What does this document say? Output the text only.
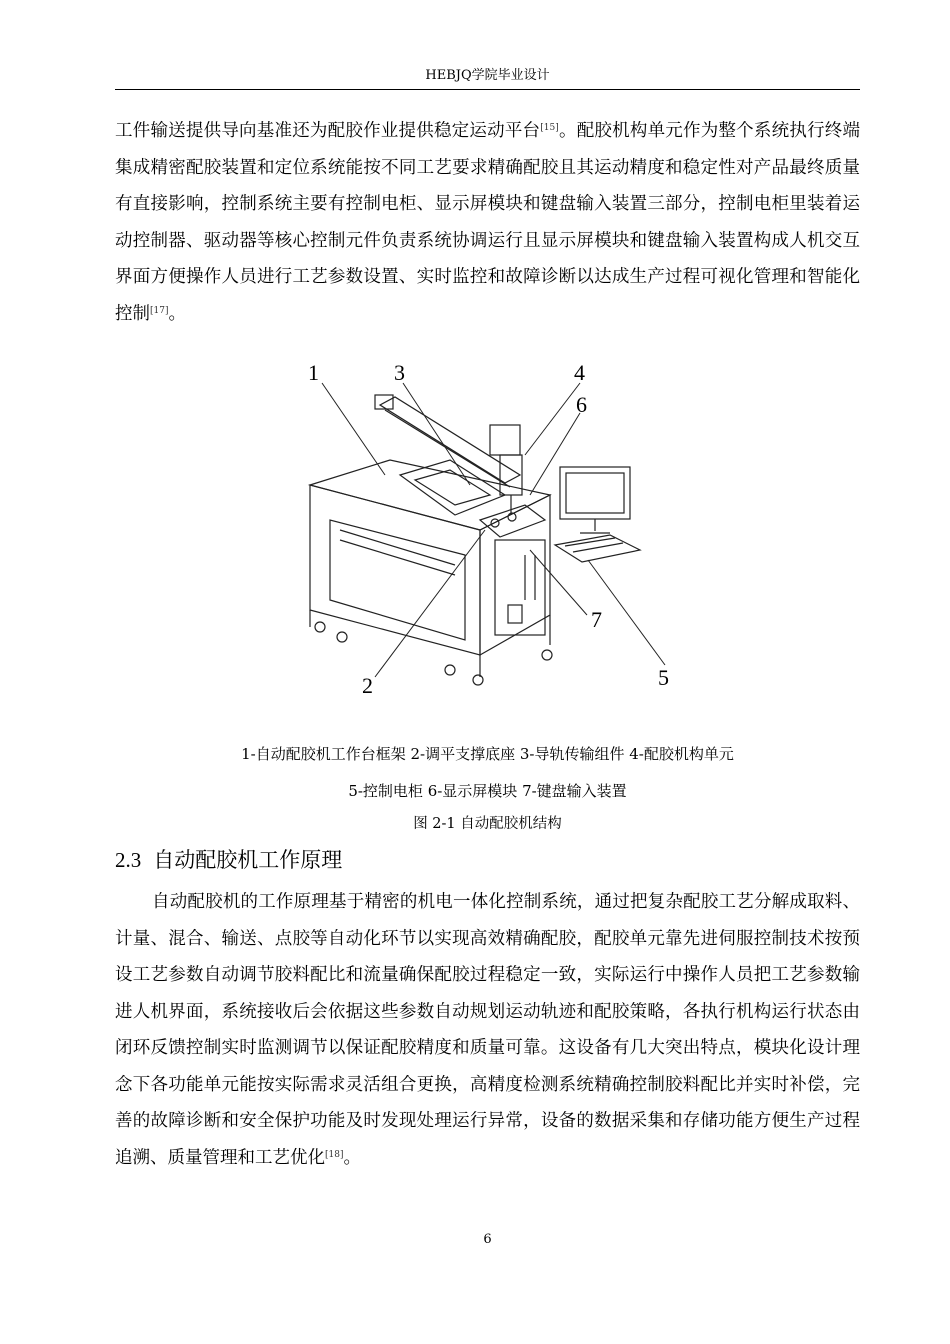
HEBJQ学院毕业设计

工件输送提供导向基准还为配胶作业提供稳定运动平台[15]。配胶机构单元作为整个系统执行终端集成精密配胶装置和定位系统能按不同工艺要求精确配胶且其运动精度和稳定性对产品最终质量有直接影响，控制系统主要有控制电柜、显示屏模块和键盘输入装置三部分，控制电柜里装着运动控制器、驱动器等核心控制元件负责系统协调运行且显示屏模块和键盘输入装置构成人机交互界面方便操作人员进行工艺参数设置、实时监控和故障诊断以达成生产过程可视化管理和智能化控制[17]。

1
2
3	4
5
6
7
1-自动配胶机工作台框架 2-调平支撑底座 3-导轨传输组件 4-配胶机构单元
5-控制电柜 6-显示屏模块 7-键盘输入装置
图 2-1 自动配胶机结构
2.3 自动配胶机工作原理

自动配胶机的工作原理基于精密的机电一体化控制系统，通过把复杂配胶工艺分解成取料、计量、混合、输送、点胶等自动化环节以实现高效精确配胶，配胶单元靠先进伺服控制技术按预设工艺参数自动调节胶料配比和流量确保配胶过程稳定一致，实际运行中操作人员把工艺参数输进人机界面，系统接收后会依据这些参数自动规划运动轨迹和配胶策略，各执行机构运行状态由闭环反馈控制实时监测调节以保证配胶精度和质量可靠。这设备有几大突出特点，模块化设计理念下各功能单元能按实际需求灵活组合更换，高精度检测系统精确控制胶料配比并实时补偿，完善的故障诊断和安全保护功能及时发现处理运行异常，设备的数据采集和存储功能方便生产过程追溯、质量管理和工艺优化[18]。

6
